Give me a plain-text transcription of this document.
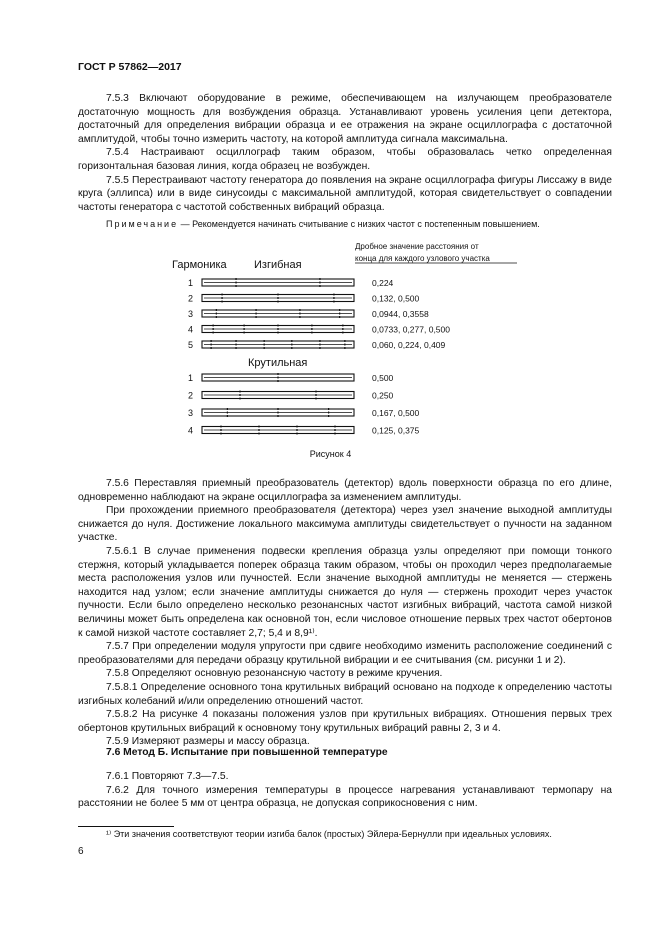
ГОСТ Р 57862—2017

7.5.3 Включают оборудование в режиме, обеспечивающем на излучающем преобразователе достаточную мощность для возбуждения образца. Устанавливают уровень усиления цепи детектора, достаточный для определения вибрации образца и ее отражения на экране осциллографа с достаточной амплитудой, чтобы точно измерить частоту, на которой амплитуда сигнала максимальна.

7.5.4 Настраивают осциллограф таким образом, чтобы образовалась четко определенная горизонтальная базовая линия, когда образец не возбужден.

7.5.5 Перестраивают частоту генератора до появления на экране осциллографа фигуры Лиссажу в виде круга (эллипса) или в виде синусоиды с максимальной амплитудой, которая свидетельствует о совпадении частоты генератора с частотой собственных вибраций образца.

Примечание — Рекомендуется начинать считывание с низких частот с постепенным повышением.
Дробное значение расстояния от
конца для каждого узлового участка
Гармоника Изгибная
Крутильная
1	0,224
2	0,132, 0,500
3	0,0944, 0,3558
4	0,0733, 0,277, 0,500
5	0,060, 0,224, 0,409
1	0,500
2	0,250
3	0,167, 0,500
4	0,125, 0,375
Рисунок 4

7.5.6 Переставляя приемный преобразователь (детектор) вдоль поверхности образца по его длине, одновременно наблюдают на экране осциллографа за изменением амплитуды.

При прохождении приемного преобразователя (детектора) через узел значение выходной амплитуды снижается до нуля. Достижение локального максимума амплитуды свидетельствует о пучности на заданном участке.

7.5.6.1 В случае применения подвески крепления образца узлы определяют при помощи тонкого стержня, который укладывается поперек образца таким образом, чтобы он проходил через предполагаемые места расположения узлов или пучностей. Если значение выходной амплитуды не меняется — стержень находится над узлом; если значение амплитуды снижается до нуля — стержень проходит через участок пучности. Если было определено несколько резонансных частот изгибных вибраций, частота самой низкой величины может быть определена как основной тон, если числовое отношение первых трех частот обертонов к самой низкой частоте составляет 2,7; 5,4 и 8,9¹⁾.

7.5.7 При определении модуля упругости при сдвиге необходимо изменить расположение соединений с преобразователями для передачи образцу крутильной вибрации и ее считывания (см. рисунки 1 и 2).

7.5.8 Определяют основную резонансную частоту в режиме кручения.

7.5.8.1 Определение основного тона крутильных вибраций основано на подходе к определению частоты изгибных колебаний и/или определению отношений частот.

7.5.8.2 На рисунке 4 показаны положения узлов при крутильных вибрациях. Отношения первых трех обертонов крутильных вибраций к основному тону крутильных вибраций равны 2, 3 и 4.

7.5.9 Измеряют размеры и массу образца.

7.6 Метод Б. Испытание при повышенной температуре

7.6.1 Повторяют 7.3—7.5.

7.6.2 Для точного измерения температуры в процессе нагревания устанавливают термопару на расстоянии не более 5 мм от центра образца, не допуская соприкосновения с ним.

¹⁾ Эти значения соответствуют теории изгиба балок (простых) Эйлера-Бернулли при идеальных условиях.
6
